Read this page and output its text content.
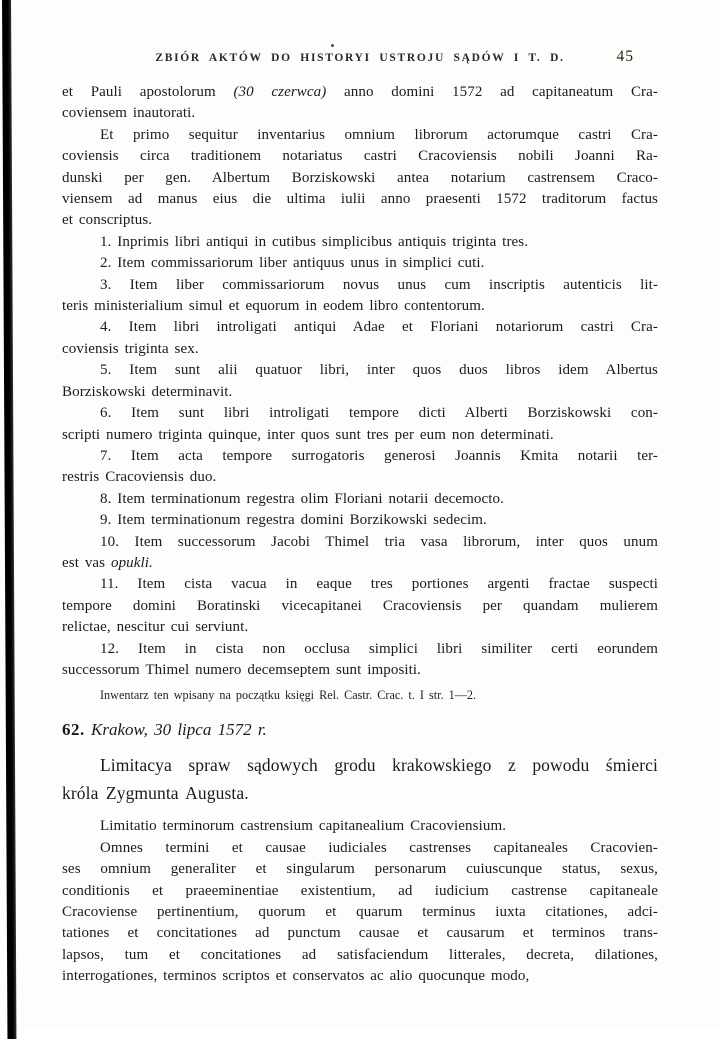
ZBIÓR AKTÓW DO HISTORYI USTROJU SĄDÓW I T. D.	45
et Pauli apostolorum (30 czerwca) anno domini 1572 ad capitaneatum Cra-
coviensem inautorati.
Et primo sequitur inventarius omnium librorum actorumque castri Cra-
coviensis circa traditionem notariatus castri Cracoviensis nobili Joanni Ra-
dunski per gen. Albertum Borziskowski antea notarium castrensem Craco-
viensem ad manus eius die ultima iulii anno praesenti 1572 traditorum factus
et conscriptus.
1. Inprimis libri antiqui in cutibus simplicibus antiquis triginta tres.
2. Item commissariorum liber antiquus unus in simplici cuti.
3. Item liber commissariorum novus unus cum inscriptis autenticis lit-
teris ministerialium simul et equorum in eodem libro contentorum.
4. Item libri introligati antiqui Adae et Floriani notariorum castri Cra-
coviensis triginta sex.
5. Item sunt alii quatuor libri, inter quos duos libros idem Albertus
Borziskowski determinavit.
6. Item sunt libri introligati tempore dicti Alberti Borziskowski con-
scripti numero triginta quinque, inter quos sunt tres per eum non determinati.
7. Item acta tempore surrogatoris generosi Joannis Kmita notarii ter-
restris Cracoviensis duo.
8. Item terminationum regestra olim Floriani notarii decemocto.
9. Item terminationum regestra domini Borzikowski sedecim.
10. Item successorum Jacobi Thimel tria vasa librorum, inter quos unum
est vas opukli.
11. Item cista vacua in eaque tres portiones argenti fractae suspecti
tempore domini Boratinski vicecapitanei Cracoviensis per quandam mulierem
relictae, nescitur cui serviunt.
12. Item in cista non occlusa simplici libri similiter certi eorundem
successorum Thimel numero decemseptem sunt impositi.
Inwentarz ten wpisany na początku księgi Rel. Castr. Crac. t. I str. 1—2.
62. Krakow, 30 lipca 1572 r.
Limitacya spraw sądowych grodu krakowskiego z powodu śmierci
króla Zygmunta Augusta.
Limitatio terminorum castrensium capitanealium Cracoviensium.
Omnes termini et causae iudiciales castrenses capitaneales Cracovien-
ses omnium generaliter et singularum personarum cuiuscunque status, sexus,
conditionis et praeeminentiae existentium, ad iudicium castrense capitaneale
Cracoviense pertinentium, quorum et quarum terminus iuxta citationes, adci-
tationes et concitationes ad punctum causae et causarum et terminos trans-
lapsos, tum et concitationes ad satisfaciendum litterales, decreta, dilationes,
interrogationes, terminos scriptos et conservatos ac alio quocunque modo,
